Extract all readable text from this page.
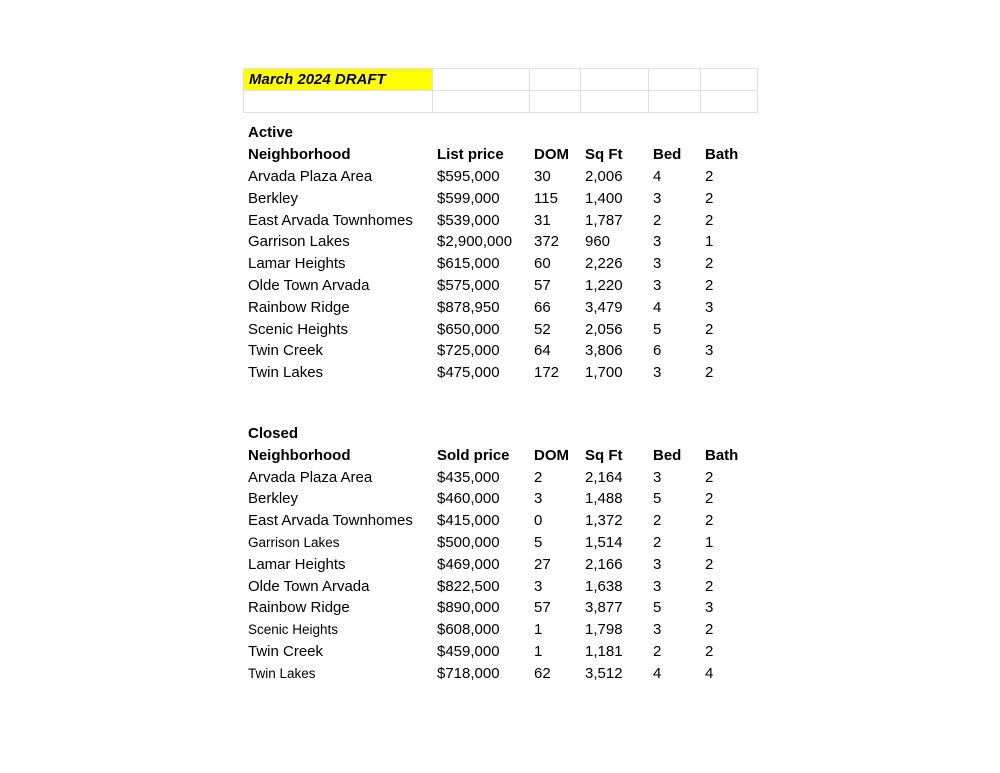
March 2024 DRAFT					

Active					
Neighborhood	List price	DOM	Sq Ft	Bed	Bath
Arvada Plaza Area	$595,000	30	2,006	4	2
Berkley	$599,000	115	1,400	3	2
East Arvada Townhomes	$539,000	31	1,787	2	2
Garrison Lakes	$2,900,000	372	960	3	1
Lamar Heights	$615,000	60	2,226	3	2
Olde Town Arvada	$575,000	57	1,220	3	2
Rainbow Ridge	$878,950	66	3,479	4	3
Scenic Heights	$650,000	52	2,056	5	2
Twin Creek	$725,000	64	3,806	6	3
Twin Lakes	$475,000	172	1,700	3	2
Closed					
Neighborhood	Sold price	DOM	Sq Ft	Bed	Bath
Arvada Plaza Area	$435,000	2	2,164	3	2
Berkley	$460,000	3	1,488	5	2
East Arvada Townhomes	$415,000	0	1,372	2	2
Garrison Lakes	$500,000	5	1,514	2	1
Lamar Heights	$469,000	27	2,166	3	2
Olde Town Arvada	$822,500	3	1,638	3	2
Rainbow Ridge	$890,000	57	3,877	5	3
Scenic Heights	$608,000	1	1,798	3	2
Twin Creek	$459,000	1	1,181	2	2
Twin Lakes	$718,000	62	3,512	4	4
